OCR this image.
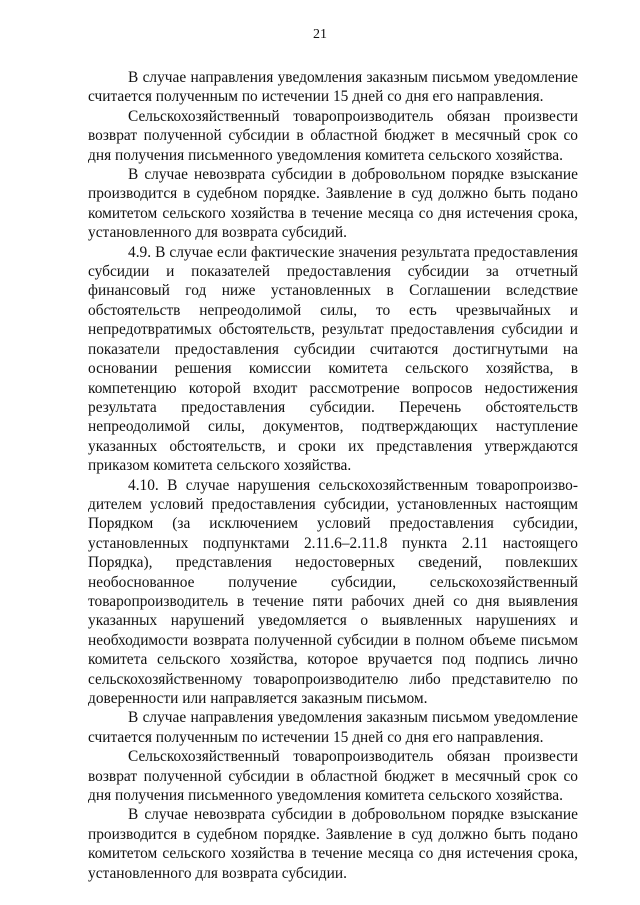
21

В случае направления уведомления заказным письмом уведомление считается полученным по истечении 15 дней со дня его направления.

Сельскохозяйственный товаропроизводитель обязан произвести возврат полученной субсидии в областной бюджет в месячный срок со дня получения письменного уведомления комитета сельского хозяйства.

В случае невозврата субсидии в добровольном порядке взыскание производится в судебном порядке. Заявление в суд должно быть подано комитетом сельского хозяйства в течение месяца со дня истечения срока, установленного для возврата субсидий.

4.9. В случае если фактические значения результата предоставления субсидии и показателей предоставления субсидии за отчетный финансовый год ниже установленных в Соглашении вследствие обстоятельств непреодолимой силы, то есть чрезвычайных и непредотвратимых обстоятельств, результат предоставления субсидии и показатели предоставления субсидии считаются достигнутыми на основании решения комиссии комитета сельского хозяйства, в компетенцию которой входит рассмотрение вопросов недостижения результата предоставления субсидии. Перечень обстоятельств непреодолимой силы, документов, подтверждающих наступление указанных обстоятельств, и сроки их представления утверждаются приказом комитета сельского хозяйства.

4.10. В случае нарушения сельскохозяйственным товаропроизводителем условий предоставления субсидии, установленных настоящим Порядком (за исключением условий предоставления субсидии, установленных подпунктами 2.11.6–2.11.8 пункта 2.11 настоящего Порядка), представления недостоверных сведений, повлекших необоснованное получение субсидии, сельскохозяйственный товаропроизводитель в течение пяти рабочих дней со дня выявления указанных нарушений уведомляется о выявленных нарушениях и необходимости возврата полученной субсидии в полном объеме письмом комитета сельского хозяйства, которое вручается под подпись лично сельскохозяйственному товаропроизводителю либо представителю по доверенности или направляется заказным письмом.

В случае направления уведомления заказным письмом уведомление считается полученным по истечении 15 дней со дня его направления.

Сельскохозяйственный товаропроизводитель обязан произвести возврат полученной субсидии в областной бюджет в месячный срок со дня получения письменного уведомления комитета сельского хозяйства.

В случае невозврата субсидии в добровольном порядке взыскание производится в судебном порядке. Заявление в суд должно быть подано комитетом сельского хозяйства в течение месяца со дня истечения срока, установленного для возврата субсидии.
